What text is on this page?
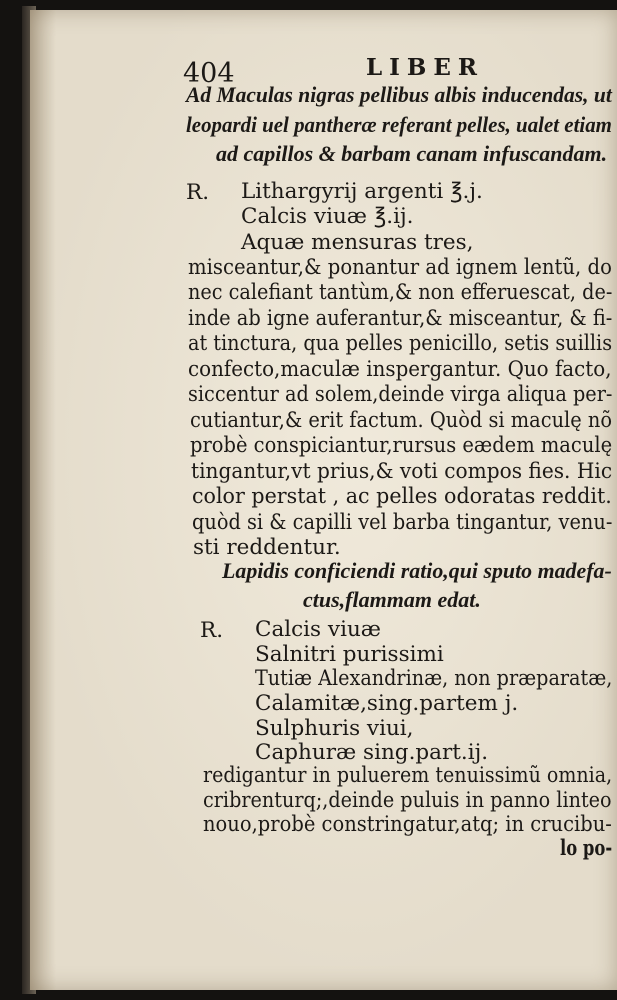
404	LIBER
Ad Maculas nigras pellibus albis inducendas, ut
leopardi uel pantheræ referant pelles, ualet etiam
ad capillos & barbam canam infuscandam.
R. Lithargyrij argenti ℥.j.
Calcis viuæ ℥.ij.
Aquæ mensuras tres,
misceantur,& ponantur ad ignem lentũ, do
nec calefiant tantùm,& non efferuescat, de-
inde ab igne auferantur,& misceantur, & fi-
at tinctura, qua pelles penicillo, setis suillis
confecto,maculæ inspergantur. Quo facto,
siccentur ad solem,deinde virga aliqua per-
cutiantur,& erit factum. Quòd si maculę nõ
probè conspiciantur,rursus eædem maculę
tingantur,vt prius,& voti compos fies. Hic
color perstat , ac pelles odoratas reddit.
quòd si & capilli vel barba tingantur, venu-
sti reddentur.
Lapidis conficiendi ratio,qui sputo madefa-
ctus,flammam edat.
R. Calcis viuæ
Salnitri purissimi
Tutiæ Alexandrinæ, non præparatæ,
Calamitæ,sing.partem j.
Sulphuris viui,
Caphuræ sing.part.ij.
redigantur in puluerem tenuissimũ omnia,
cribrenturq;,deinde puluis in panno linteo
nouo,probè constringatur,atq; in crucibu-
lo po-
